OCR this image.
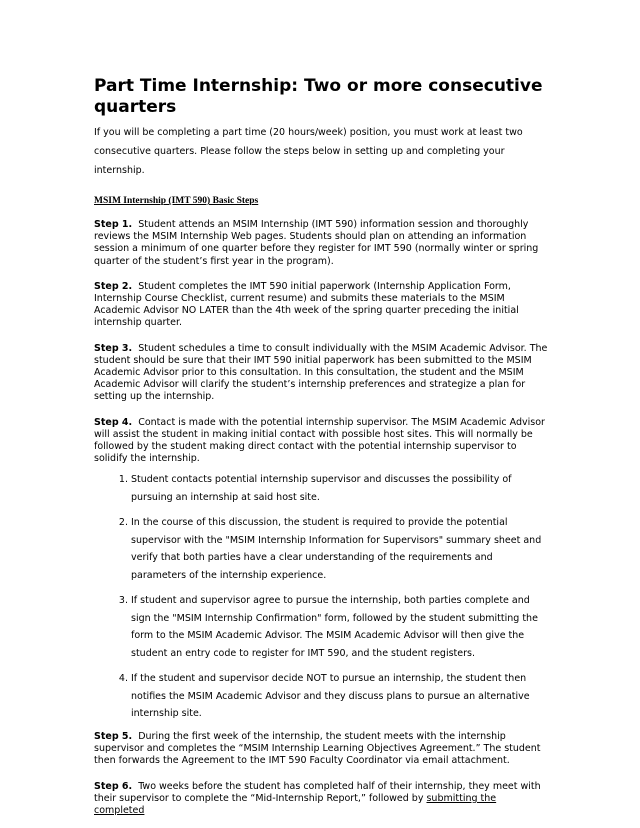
Part Time Internship: Two or more consecutive quarters

If you will be completing a part time (20 hours/week) position, you must work at least two consecutive quarters. Please follow the steps below in setting up and completing your internship.

MSIM Internship (IMT 590) Basic Steps

Step 1. Student attends an MSIM Internship (IMT 590) information session and thoroughly reviews the MSIM Internship Web pages. Students should plan on attending an information session a minimum of one quarter before they register for IMT 590 (normally winter or spring quarter of the student’s first year in the program).

Step 2. Student completes the IMT 590 initial paperwork (Internship Application Form, Internship Course Checklist, current resume) and submits these materials to the MSIM Academic Advisor NO LATER than the 4th week of the spring quarter preceding the initial internship quarter.

Step 3. Student schedules a time to consult individually with the MSIM Academic Advisor. The student should be sure that their IMT 590 initial paperwork has been submitted to the MSIM Academic Advisor prior to this consultation. In this consultation, the student and the MSIM Academic Advisor will clarify the student’s internship preferences and strategize a plan for setting up the internship.

Step 4. Contact is made with the potential internship supervisor. The MSIM Academic Advisor will assist the student in making initial contact with possible host sites. This will normally be followed by the student making direct contact with the potential internship supervisor to solidify the internship.

1. Student contacts potential internship supervisor and discusses the possibility of pursuing an internship at said host site.
2. In the course of this discussion, the student is required to provide the potential supervisor with the "MSIM Internship Information for Supervisors" summary sheet and verify that both parties have a clear understanding of the requirements and parameters of the internship experience.
3. If student and supervisor agree to pursue the internship, both parties complete and sign the "MSIM Internship Confirmation" form, followed by the student submitting the form to the MSIM Academic Advisor. The MSIM Academic Advisor will then give the student an entry code to register for IMT 590, and the student registers.
4. If the student and supervisor decide NOT to pursue an internship, the student then notifies the MSIM Academic Advisor and they discuss plans to pursue an alternative internship site.

Step 5. During the first week of the internship, the student meets with the internship supervisor and completes the “MSIM Internship Learning Objectives Agreement.” The student then forwards the Agreement to the IMT 590 Faculty Coordinator via email attachment.

Step 6. Two weeks before the student has completed half of their internship, they meet with their supervisor to complete the “Mid-Internship Report,” followed by submitting the completed
